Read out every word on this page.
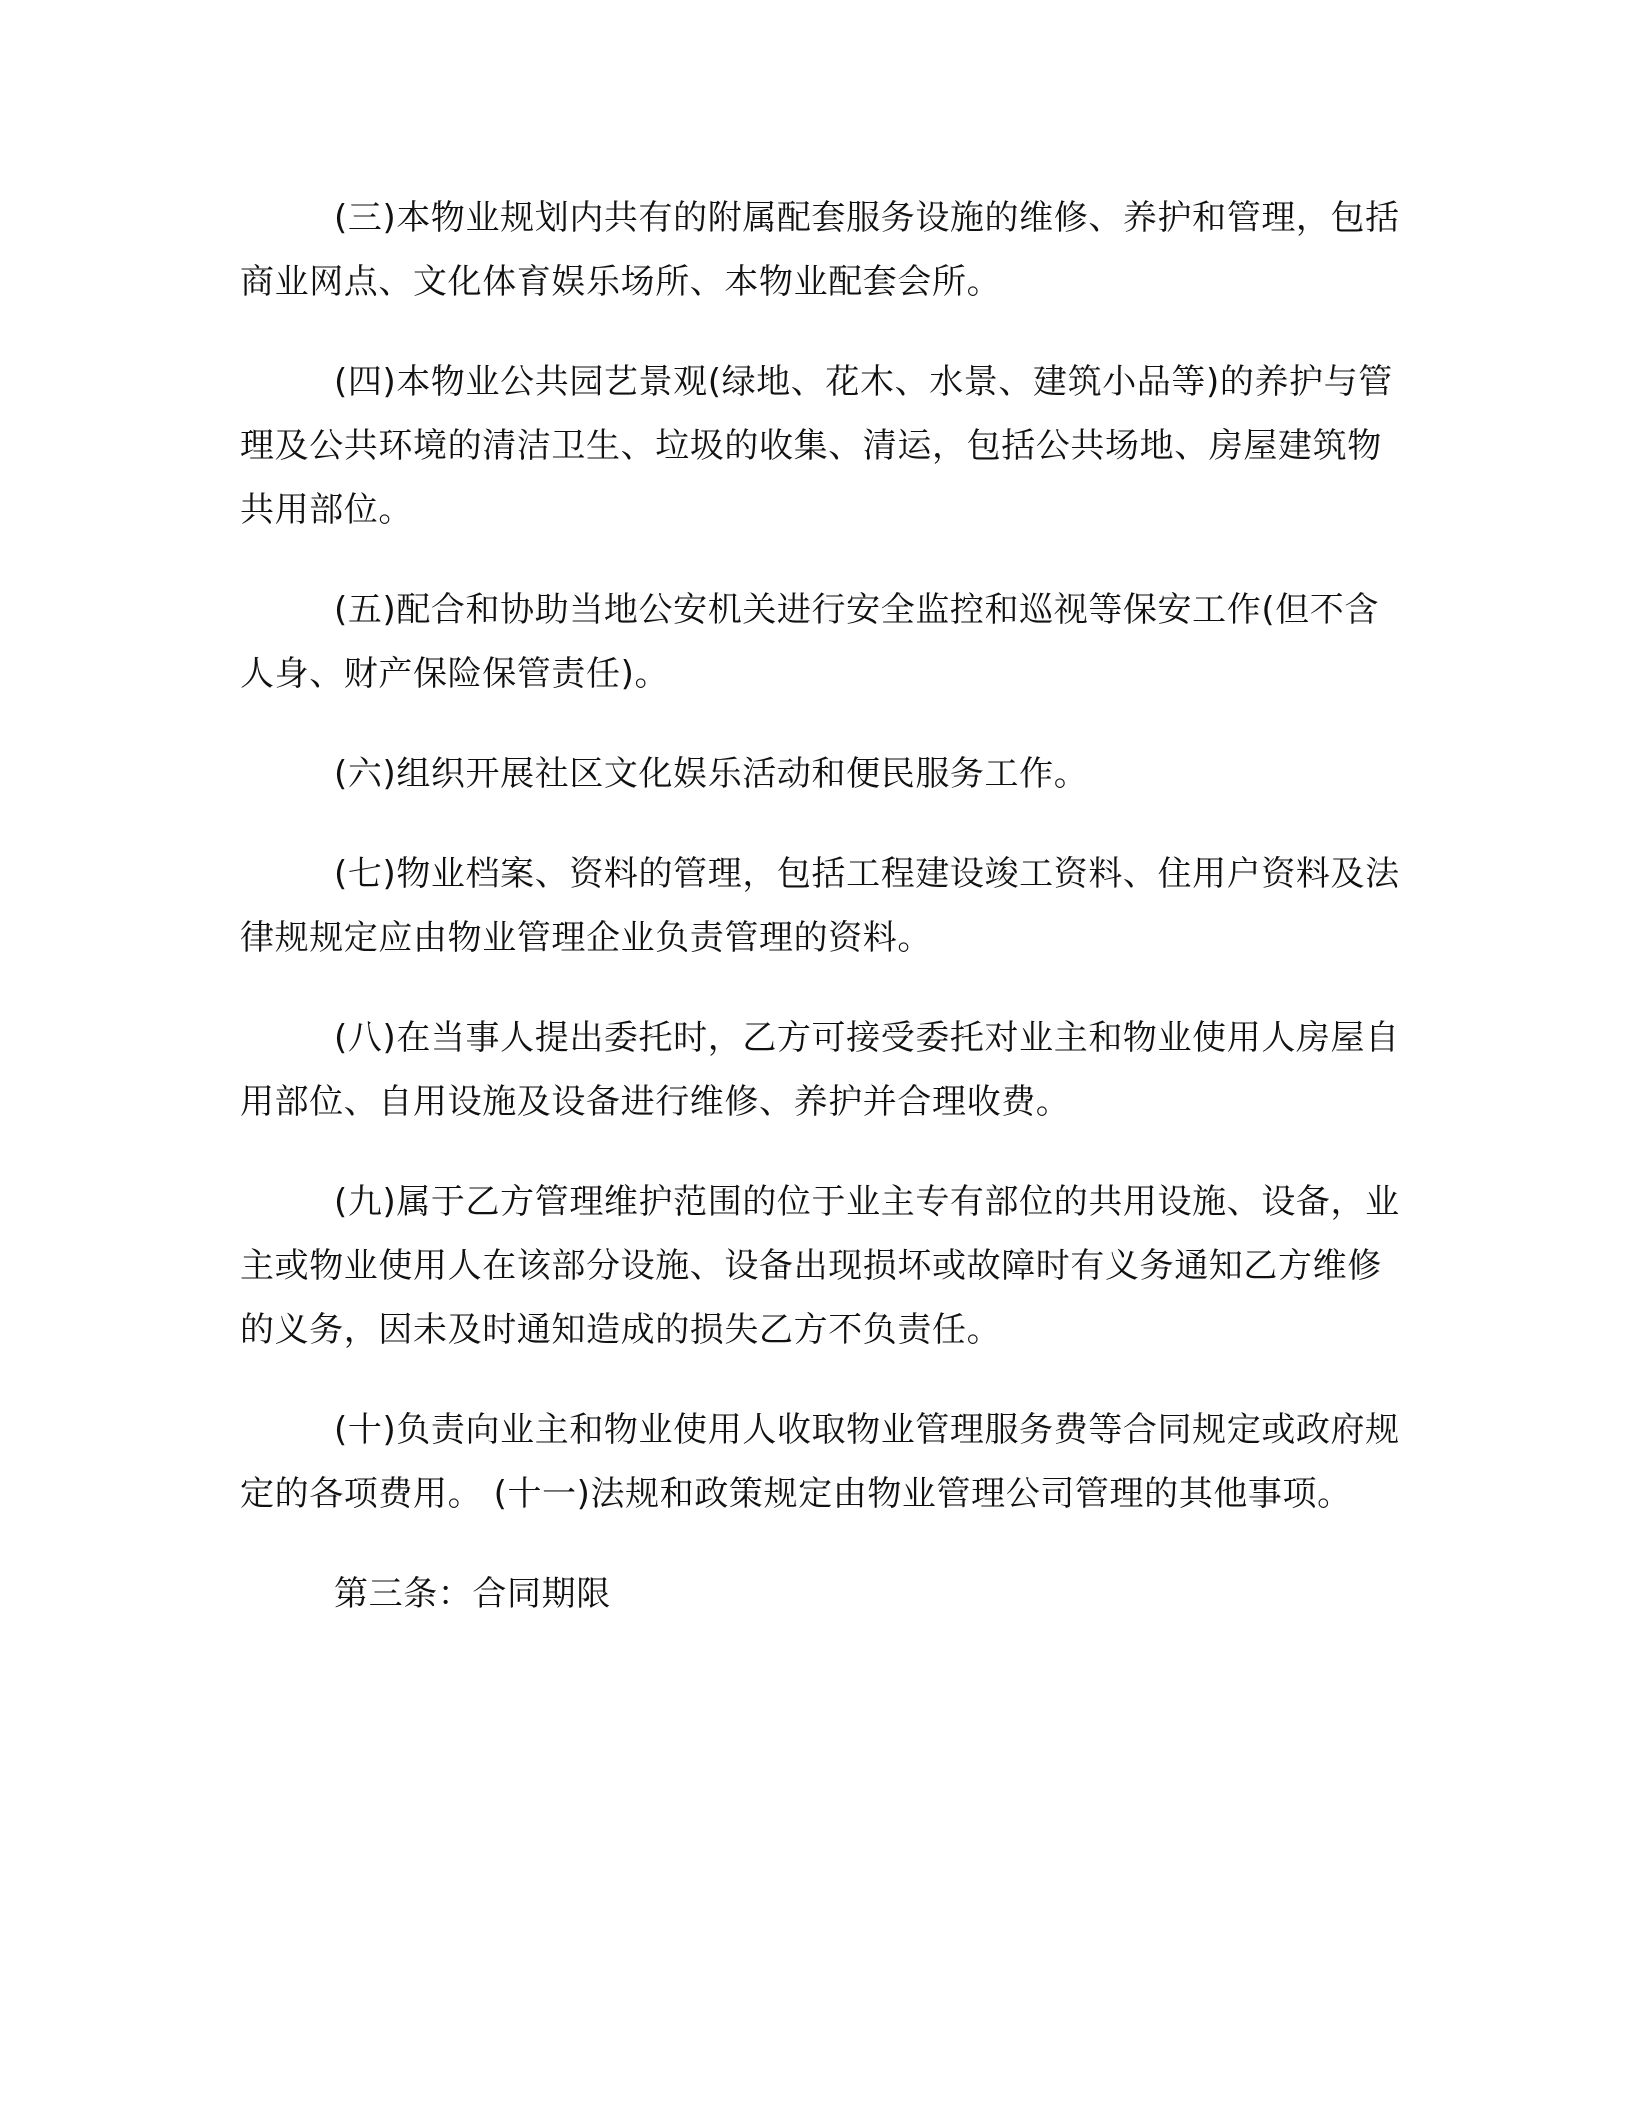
(三)本物业规划内共有的附属配套服务设施的维修、养护和管理，包括商业网点、文化体育娱乐场所、本物业配套会所。

(四)本物业公共园艺景观(绿地、花木、水景、建筑小品等)的养护与管理及公共环境的清洁卫生、垃圾的收集、清运，包括公共场地、房屋建筑物共用部位。

(五)配合和协助当地公安机关进行安全监控和巡视等保安工作(但不含人身、财产保险保管责任)。

(六)组织开展社区文化娱乐活动和便民服务工作。

(七)物业档案、资料的管理，包括工程建设竣工资料、住用户资料及法律规规定应由物业管理企业负责管理的资料。

(八)在当事人提出委托时，乙方可接受委托对业主和物业使用人房屋自用部位、自用设施及设备进行维修、养护并合理收费。

(九)属于乙方管理维护范围的位于业主专有部位的共用设施、设备，业主或物业使用人在该部分设施、设备出现损坏或故障时有义务通知乙方维修的义务，因未及时通知造成的损失乙方不负责任。

(十)负责向业主和物业使用人收取物业管理服务费等合同规定或政府规定的各项费用。 (十一)法规和政策规定由物业管理公司管理的其他事项。

第三条：合同期限
